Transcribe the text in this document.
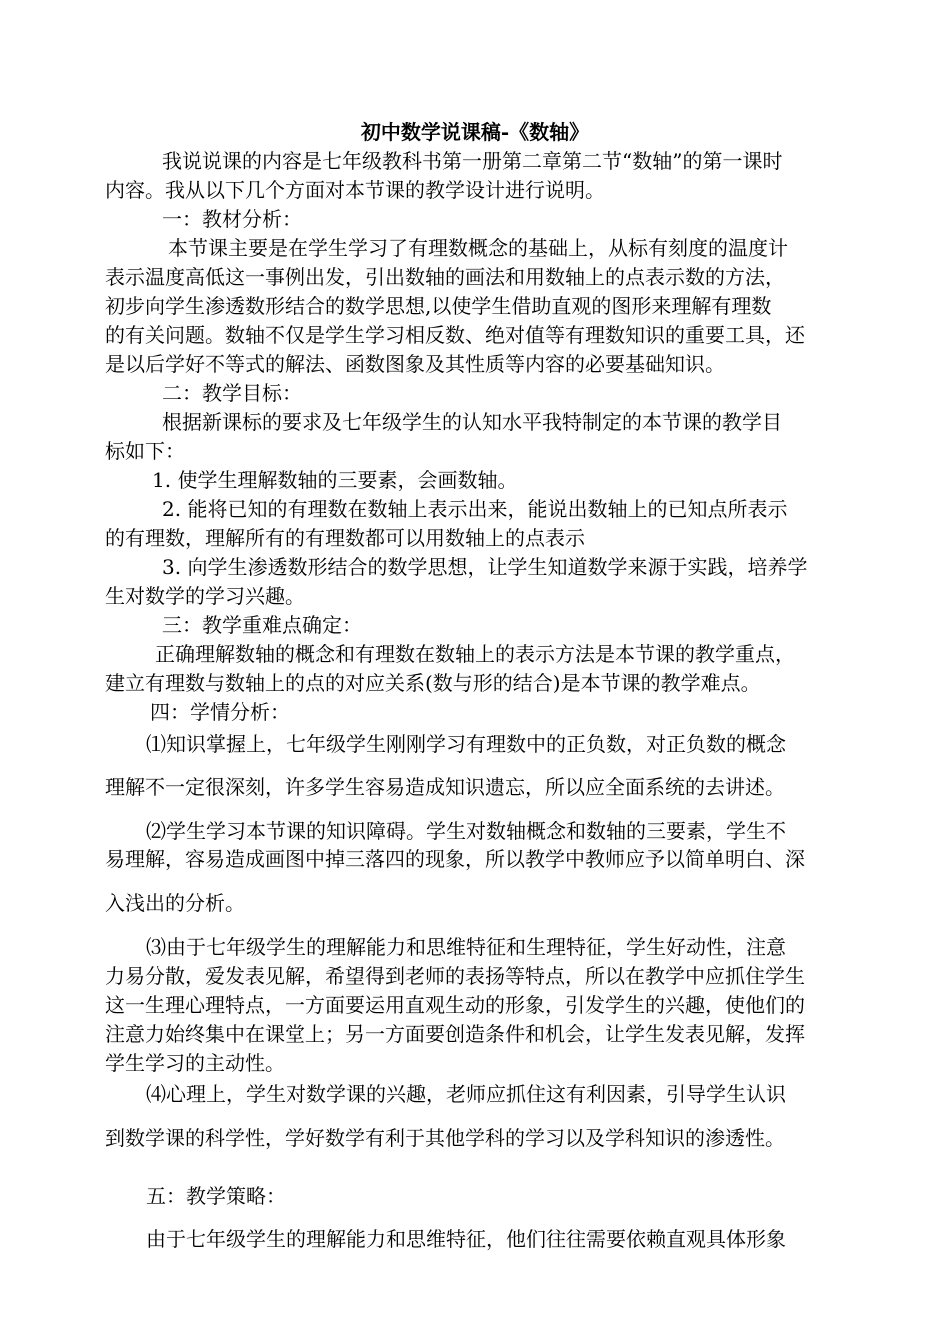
初中数学说课稿-《数轴》
我说说课的内容是七年级教科书第一册第二章第二节“数轴”的第一课时
内容。我从以下几个方面对本节课的教学设计进行说明。
一：教材分析：
本节课主要是在学生学习了有理数概念的基础上，从标有刻度的温度计
表示温度高低这一事例出发，引出数轴的画法和用数轴上的点表示数的方法，
初步向学生渗透数形结合的数学思想,以使学生借助直观的图形来理解有理数
的有关问题。数轴不仅是学生学习相反数、绝对值等有理数知识的重要工具，还
是以后学好不等式的解法、函数图象及其性质等内容的必要基础知识。
二：教学目标：
根据新课标的要求及七年级学生的认知水平我特制定的本节课的教学目
标如下：
1. 使学生理解数轴的三要素，会画数轴。
2. 能将已知的有理数在数轴上表示出来，能说出数轴上的已知点所表示
的有理数，理解所有的有理数都可以用数轴上的点表示
3. 向学生渗透数形结合的数学思想，让学生知道数学来源于实践，培养学
生对数学的学习兴趣。
三：教学重难点确定：
正确理解数轴的概念和有理数在数轴上的表示方法是本节课的教学重点，
建立有理数与数轴上的点的对应关系(数与形的结合)是本节课的教学难点。
四：学情分析：
⑴知识掌握上，七年级学生刚刚学习有理数中的正负数，对正负数的概念
理解不一定很深刻，许多学生容易造成知识遗忘，所以应全面系统的去讲述。
⑵学生学习本节课的知识障碍。学生对数轴概念和数轴的三要素，学生不
易理解，容易造成画图中掉三落四的现象，所以教学中教师应予以简单明白、深
入浅出的分析。
⑶由于七年级学生的理解能力和思维特征和生理特征，学生好动性，注意
力易分散，爱发表见解，希望得到老师的表扬等特点，所以在教学中应抓住学生
这一生理心理特点，一方面要运用直观生动的形象，引发学生的兴趣，使他们的
注意力始终集中在课堂上；另一方面要创造条件和机会，让学生发表见解，发挥
学生学习的主动性。
⑷心理上，学生对数学课的兴趣，老师应抓住这有利因素，引导学生认识
到数学课的科学性，学好数学有利于其他学科的学习以及学科知识的渗透性。
五：教学策略：
由于七年级学生的理解能力和思维特征，他们往往需要依赖直观具体形象
